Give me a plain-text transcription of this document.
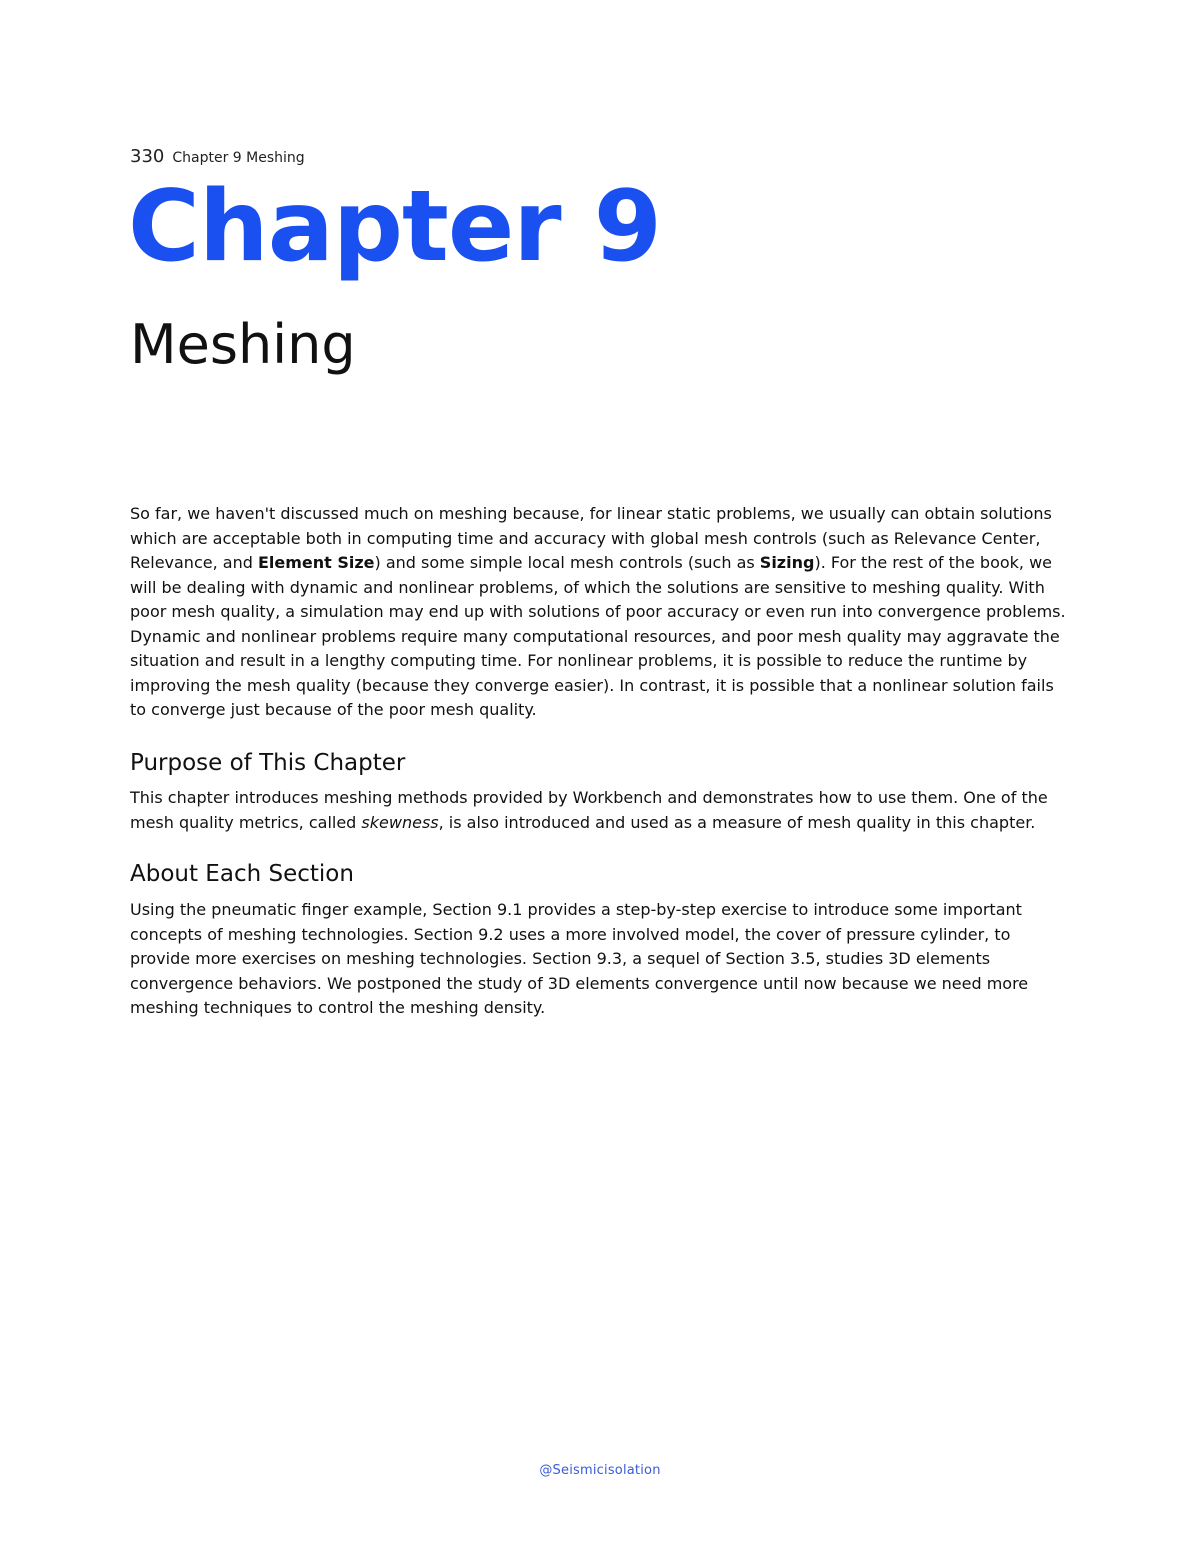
330 Chapter 9 Meshing
Chapter 9
Meshing

So far, we haven't discussed much on meshing because, for linear static problems, we usually can obtain solutions which are acceptable both in computing time and accuracy with global mesh controls (such as Relevance Center, Relevance, and Element Size) and some simple local mesh controls (such as Sizing). For the rest of the book, we will be dealing with dynamic and nonlinear problems, of which the solutions are sensitive to meshing quality. With poor mesh quality, a simulation may end up with solutions of poor accuracy or even run into convergence problems. Dynamic and nonlinear problems require many computational resources, and poor mesh quality may aggravate the situation and result in a lengthy computing time. For nonlinear problems, it is possible to reduce the runtime by improving the mesh quality (because they converge easier). In contrast, it is possible that a nonlinear solution fails to converge just because of the poor mesh quality.

Purpose of This Chapter

This chapter introduces meshing methods provided by Workbench and demonstrates how to use them. One of the mesh quality metrics, called skewness, is also introduced and used as a measure of mesh quality in this chapter.

About Each Section

Using the pneumatic finger example, Section 9.1 provides a step-by-step exercise to introduce some important concepts of meshing technologies. Section 9.2 uses a more involved model, the cover of pressure cylinder, to provide more exercises on meshing technologies. Section 9.3, a sequel of Section 3.5, studies 3D elements convergence behaviors. We postponed the study of 3D elements convergence until now because we need more meshing techniques to control the meshing density.

@Seismicisolation
